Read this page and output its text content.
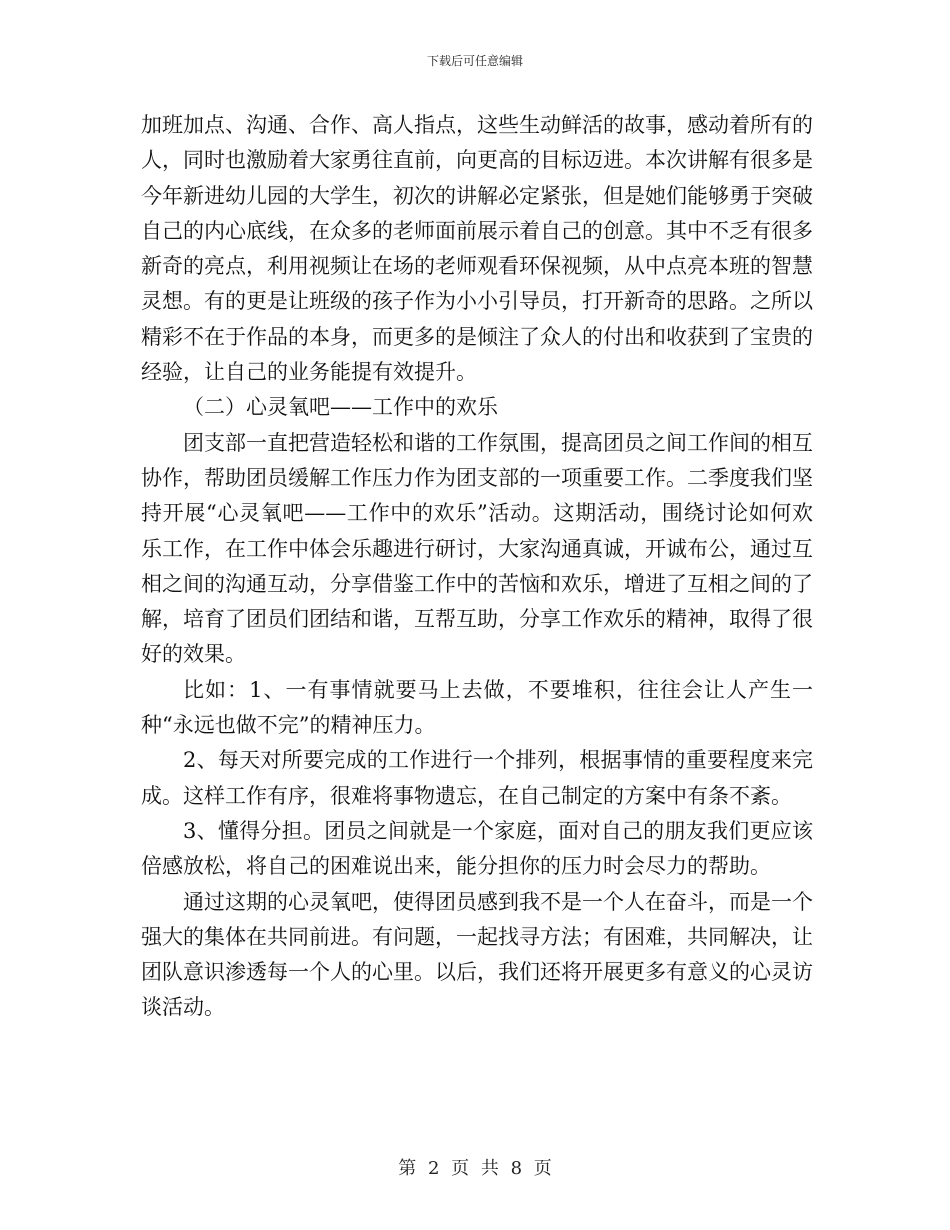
下载后可任意编辑

加班加点、沟通、合作、高人指点，这些生动鲜活的故事，感动着所有的人，同时也激励着大家勇往直前，向更高的目标迈进。本次讲解有很多是今年新进幼儿园的大学生，初次的讲解必定紧张，但是她们能够勇于突破自己的内心底线，在众多的老师面前展示着自己的创意。其中不乏有很多新奇的亮点，利用视频让在场的老师观看环保视频，从中点亮本班的智慧灵想。有的更是让班级的孩子作为小小引导员，打开新奇的思路。之所以精彩不在于作品的本身，而更多的是倾注了众人的付出和收获到了宝贵的经验，让自己的业务能提有效提升。

（二）心灵氧吧——工作中的欢乐

团支部一直把营造轻松和谐的工作氛围，提高团员之间工作间的相互协作，帮助团员缓解工作压力作为团支部的一项重要工作。二季度我们坚持开展“心灵氧吧——工作中的欢乐”活动。这期活动，围绕讨论如何欢乐工作，在工作中体会乐趣进行研讨，大家沟通真诚，开诚布公，通过互相之间的沟通互动，分享借鉴工作中的苦恼和欢乐，增进了互相之间的了解，培育了团员们团结和谐，互帮互助，分享工作欢乐的精神，取得了很好的效果。

比如：1、一有事情就要马上去做，不要堆积，往往会让人产生一种“永远也做不完”的精神压力。

2、每天对所要完成的工作进行一个排列，根据事情的重要程度来完成。这样工作有序，很难将事物遗忘，在自己制定的方案中有条不紊。

3、懂得分担。团员之间就是一个家庭，面对自己的朋友我们更应该倍感放松，将自己的困难说出来，能分担你的压力时会尽力的帮助。

通过这期的心灵氧吧，使得团员感到我不是一个人在奋斗，而是一个强大的集体在共同前进。有问题，一起找寻方法；有困难，共同解决，让团队意识渗透每一个人的心里。以后，我们还将开展更多有意义的心灵访谈活动。

第 2 页 共 8 页
